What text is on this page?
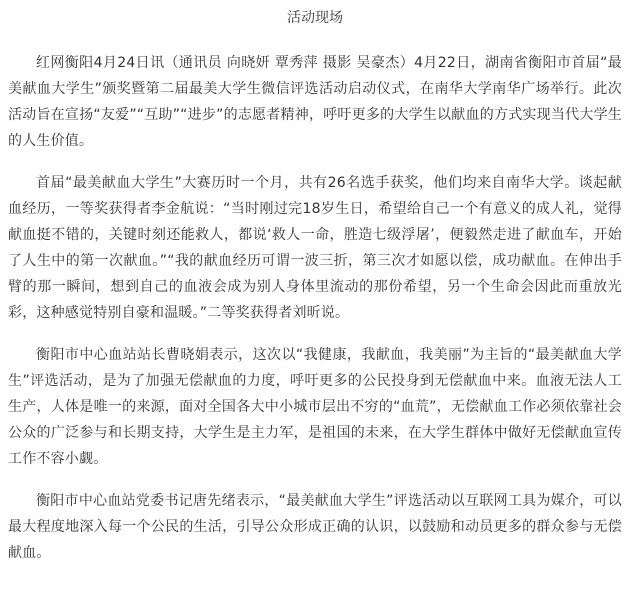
活动现场

红网衡阳4月24日讯（通讯员 向晓妍 覃秀萍 摄影 吴豪杰）4月22日，湖南省衡阳市首届“最美献血大学生”颁奖暨第二届最美大学生微信评选活动启动仪式，在南华大学南华广场举行。此次活动旨在宣扬“友爱”“互助”“进步”的志愿者精神，呼吁更多的大学生以献血的方式实现当代大学生的人生价值。

首届“最美献血大学生”大赛历时一个月，共有26名选手获奖，他们均来自南华大学。谈起献血经历，一等奖获得者李金航说：“当时刚过完18岁生日，希望给自己一个有意义的成人礼，觉得献血挺不错的，关键时刻还能救人，都说‘救人一命，胜造七级浮屠’，便毅然走进了献血车，开始了人生中的第一次献血。”“我的献血经历可谓一波三折，第三次才如愿以偿，成功献血。在伸出手臂的那一瞬间，想到自己的血液会成为别人身体里流动的那份希望，另一个生命会因此而重放光彩，这种感觉特别自豪和温暖。”二等奖获得者刘昕说。

衡阳市中心血站站长曹晓娟表示，这次以“我健康，我献血，我美丽”为主旨的“最美献血大学生”评选活动，是为了加强无偿献血的力度，呼吁更多的公民投身到无偿献血中来。血液无法人工生产，人体是唯一的来源，面对全国各大中小城市层出不穷的“血荒”，无偿献血工作必须依靠社会公众的广泛参与和长期支持，大学生是主力军，是祖国的未来，在大学生群体中做好无偿献血宣传工作不容小觑。

衡阳市中心血站党委书记唐先绪表示，“最美献血大学生”评选活动以互联网工具为媒介，可以最大程度地深入每一个公民的生活，引导公众形成正确的认识，以鼓励和动员更多的群众参与无偿献血。
